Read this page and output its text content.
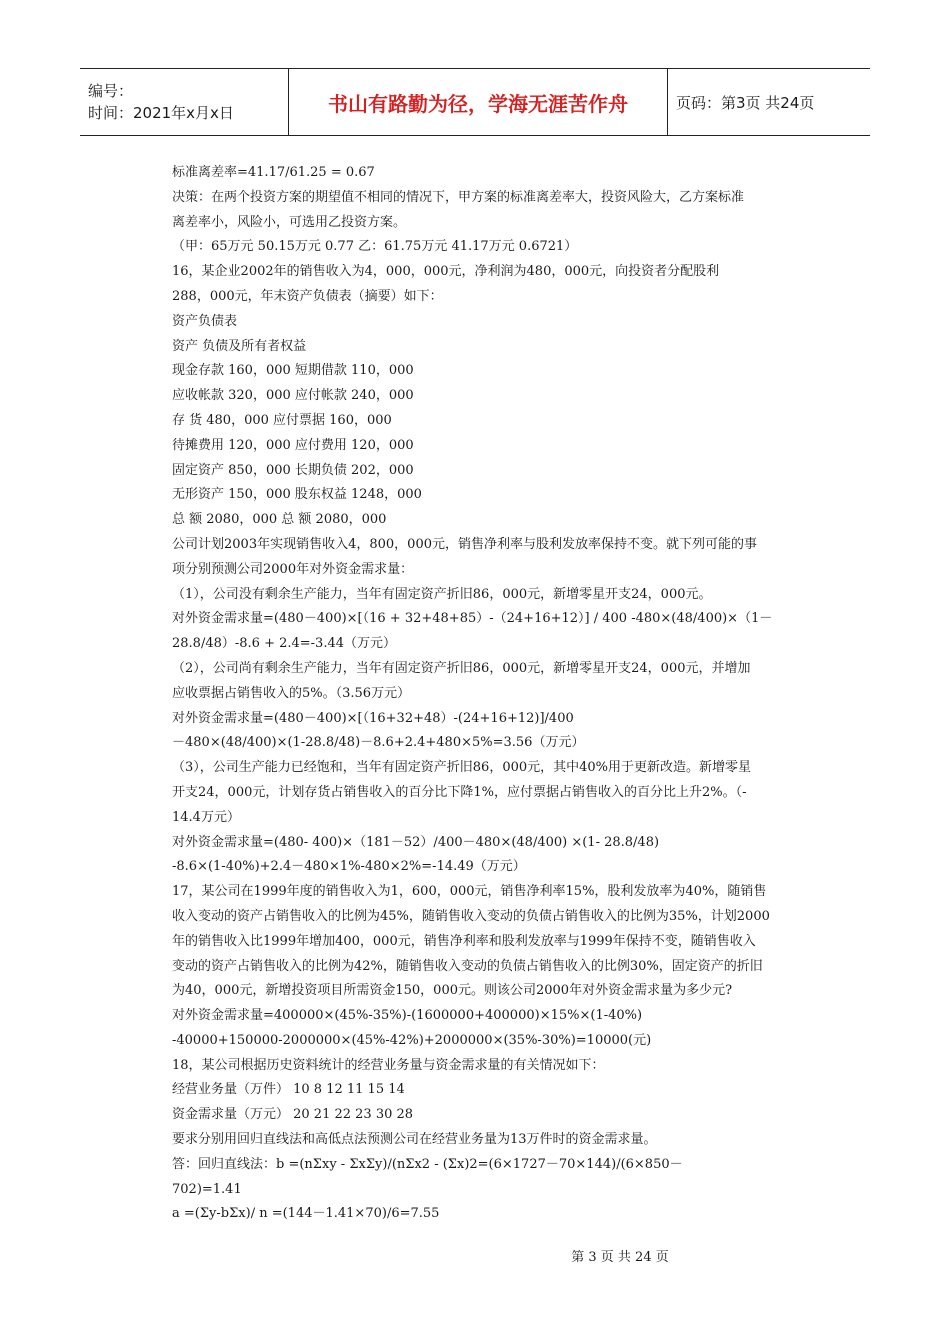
编号：
时间：2021年x月x日	书山有路勤为径，学海无涯苦作舟	页码：第3页 共24页
标准离差率=41.17/61.25 = 0.67
决策：在两个投资方案的期望值不相同的情况下，甲方案的标准离差率大，投资风险大，乙方案标准
离差率小，风险小，可选用乙投资方案。
（甲：65万元 50.15万元 0.77 乙：61.75万元 41.17万元 0.6721）
16，某企业2002年的销售收入为4，000，000元，净利润为480，000元，向投资者分配股利
288，000元，年末资产负债表（摘要）如下：
资产负债表
资产 负债及所有者权益
现金存款 160，000 短期借款 110，000
应收帐款 320，000 应付帐款 240，000
存 货 480，000 应付票据 160，000
待摊费用 120，000 应付费用 120，000
固定资产 850，000 长期负债 202，000
无形资产 150，000 股东权益 1248，000
总 额 2080，000 总 额 2080，000
公司计划2003年实现销售收入4，800，000元，销售净利率与股利发放率保持不变。就下列可能的事
项分别预测公司2000年对外资金需求量：
（1），公司没有剩余生产能力，当年有固定资产折旧86，000元，新增零星开支24，000元。
对外资金需求量=(480－400)×[（16 + 32+48+85）-（24+16+12）] / 400 -480×(48/400)×（1－
28.8/48）-8.6 + 2.4=-3.44（万元）
（2），公司尚有剩余生产能力，当年有固定资产折旧86，000元，新增零星开支24，000元，并增加
应收票据占销售收入的5%。（3.56万元）
对外资金需求量=(480－400)×[（16+32+48）-(24+16+12)]/400
－480×(48/400)×(1-28.8/48)－8.6+2.4+480×5%=3.56（万元）
（3），公司生产能力已经饱和，当年有固定资产折旧86，000元，其中40%用于更新改造。新增零星
开支24，000元，计划存货占销售收入的百分比下降1%，应付票据占销售收入的百分比上升2%。（-
14.4万元）
对外资金需求量=(480- 400)×（181－52）/400－480×(48/400) ×(1- 28.8/48)
-8.6×(1-40%)+2.4－480×1%-480×2%=-14.49（万元）
17，某公司在1999年度的销售收入为1，600，000元，销售净利率15%，股利发放率为40%，随销售
收入变动的资产占销售收入的比例为45%，随销售收入变动的负债占销售收入的比例为35%，计划2000
年的销售收入比1999年增加400，000元，销售净利率和股利发放率与1999年保持不变，随销售收入
变动的资产占销售收入的比例为42%，随销售收入变动的负债占销售收入的比例30%，固定资产的折旧
为40，000元，新增投资项目所需资金150，000元。则该公司2000年对外资金需求量为多少元?
对外资金需求量=400000×(45%-35%)-(1600000+400000)×15%×(1-40%)
-40000+150000-2000000×(45%-42%)+2000000×(35%-30%)=10000(元)
18，某公司根据历史资料统计的经营业务量与资金需求量的有关情况如下：
经营业务量（万件） 10 8 12 11 15 14
资金需求量（万元） 20 21 22 23 30 28
要求分别用回归直线法和高低点法预测公司在经营业务量为13万件时的资金需求量。
答：回归直线法：b =(nΣxy - ΣxΣy)/(nΣx2 - (Σx)2=(6×1727－70×144)/(6×850－
702)=1.41
a =(Σy-bΣx)/ n =(144－1.41×70)/6=7.55
第 3 页 共 24 页
